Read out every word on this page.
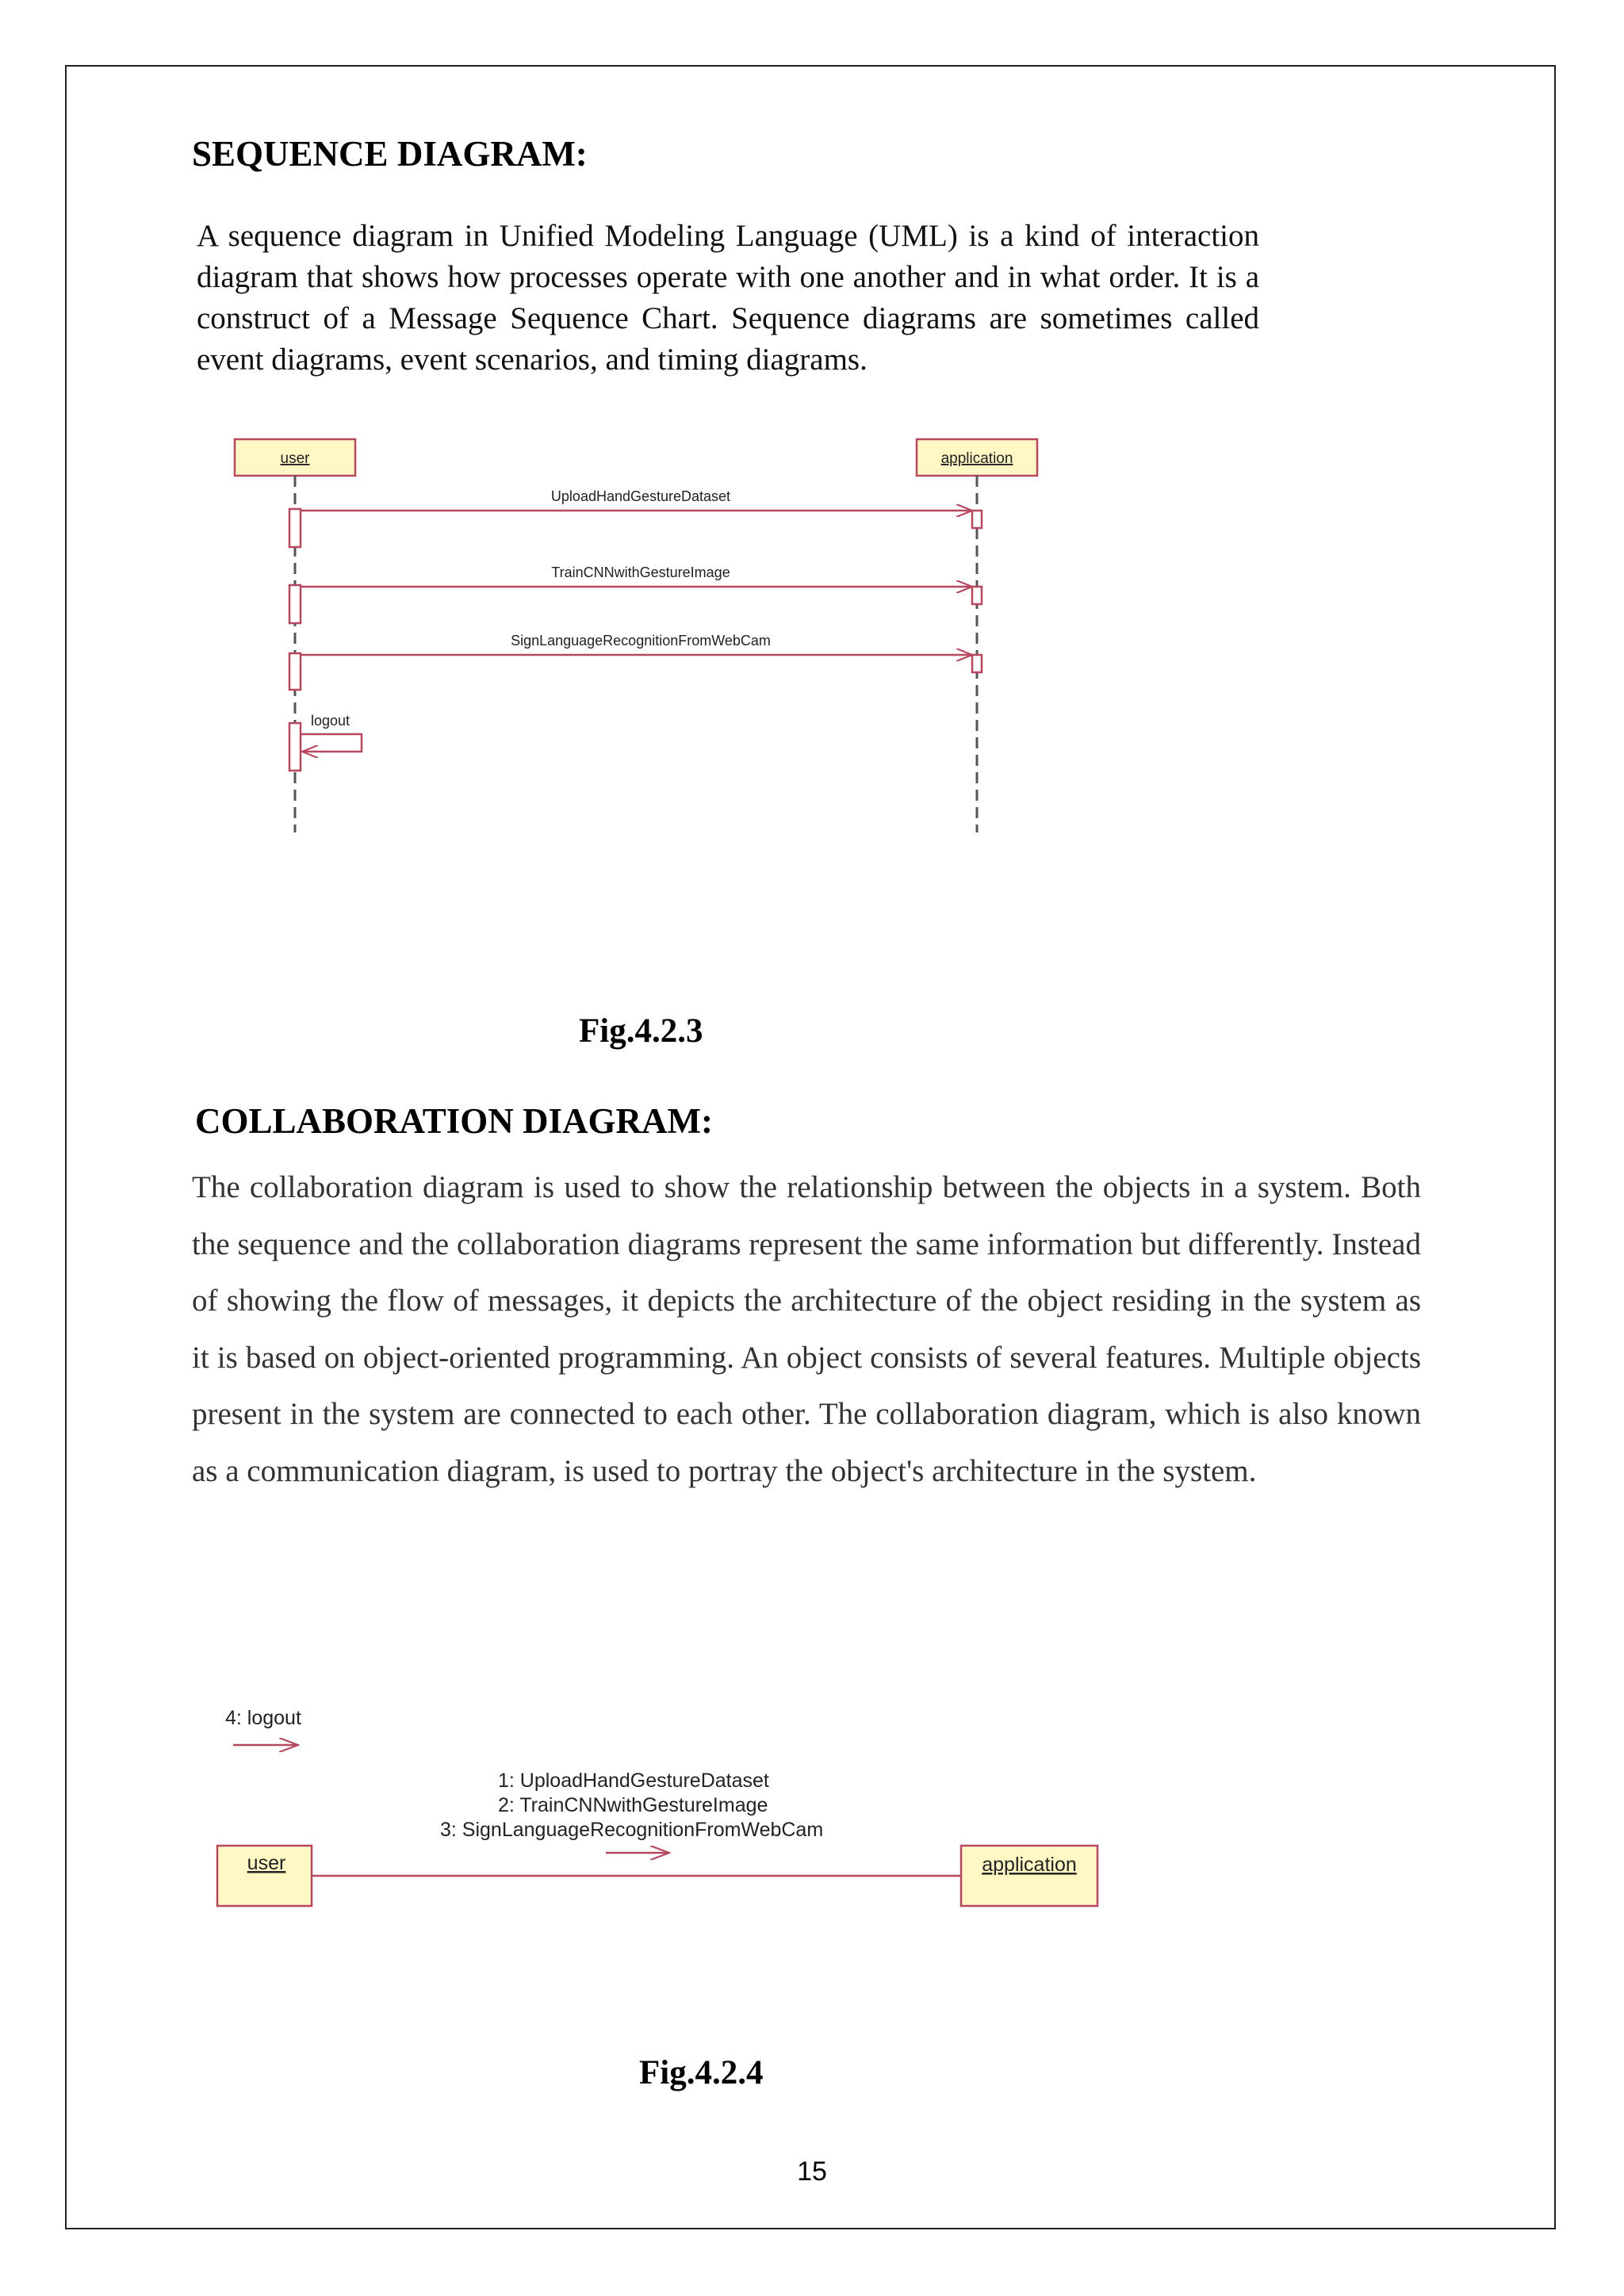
SEQUENCE DIAGRAM:

A sequence diagram in Unified Modeling Language (UML) is a kind of interaction diagram that shows how processes operate with one another and in what order. It is a construct of a Message Sequence Chart. Sequence diagrams are sometimes called event diagrams, event scenarios, and timing diagrams.

user	application
UploadHandGestureDataset
TrainCNNwithGestureImage
SignLanguageRecognitionFromWebCam
logout

Fig.4.2.3

COLLABORATION DIAGRAM:

The collaboration diagram is used to show the relationship between the objects in a system. Both the sequence and the collaboration diagrams represent the same information but differently. Instead of showing the flow of messages, it depicts the architecture of the object residing in the system as it is based on object-oriented programming. An object consists of several features. Multiple objects present in the system are connected to each other. The collaboration diagram, which is also known as a communication diagram, is used to portray the object's architecture in the system.

4: logout
1: UploadHandGestureDataset
2: TrainCNNwithGestureImage
3: SignLanguageRecognitionFromWebCam
user	application

Fig.4.2.4

15
